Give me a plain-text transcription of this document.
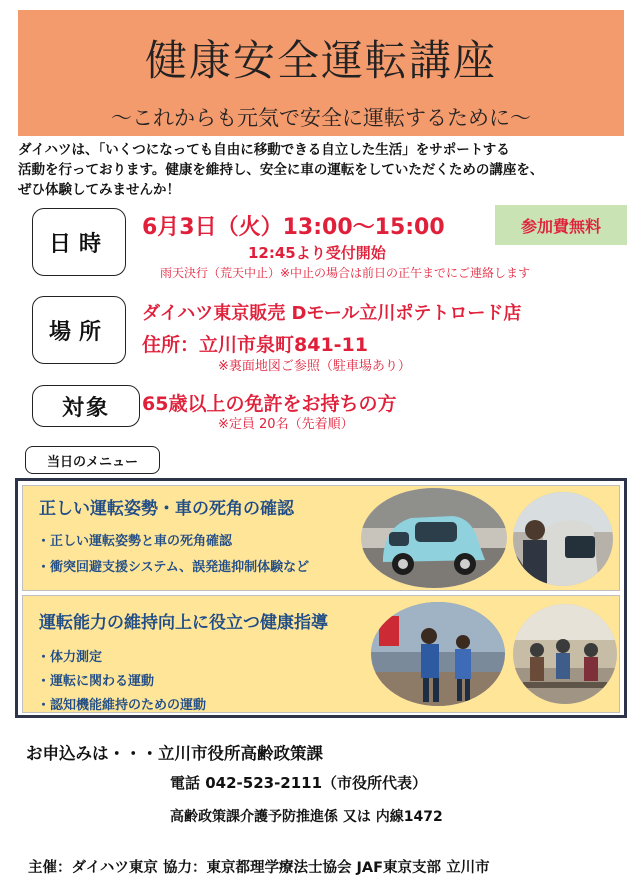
健康安全運転講座
～これからも元気で安全に運転するために～
ダイハツは、「いくつになっても自由に移動できる自立した生活」をサポートする
活動を行っております。健康を維持し、安全に車の運転をしていただくための講座を、
ぜひ体験してみませんか！
日時
6月3日（火）13:00～15:00
12:45より受付開始
雨天決行（荒天中止）※中止の場合は前日の正午までにご連絡します
参加費無料
場所
ダイハツ東京販売 Dモール立川ポテトロード店
住所：立川市泉町841-11
※裏面地図ご参照（駐車場あり）
対象	65歳以上の免許をお持ちの方
※定員 20名（先着順）
当日のメニュー
正しい運転姿勢・車の死角の確認
・正しい運転姿勢と車の死角確認
・衝突回避支援システム、誤発進抑制体験など
運転能力の維持向上に役立つ健康指導
・体力測定
・運転に関わる運動
・認知機能維持のための運動
お申込みは・・・立川市役所高齢政策課
電話 042-523-2111（市役所代表）
高齢政策課介護予防推進係 又は 内線1472
主催：ダイハツ東京 協力：東京都理学療法士協会 JAF東京支部 立川市
